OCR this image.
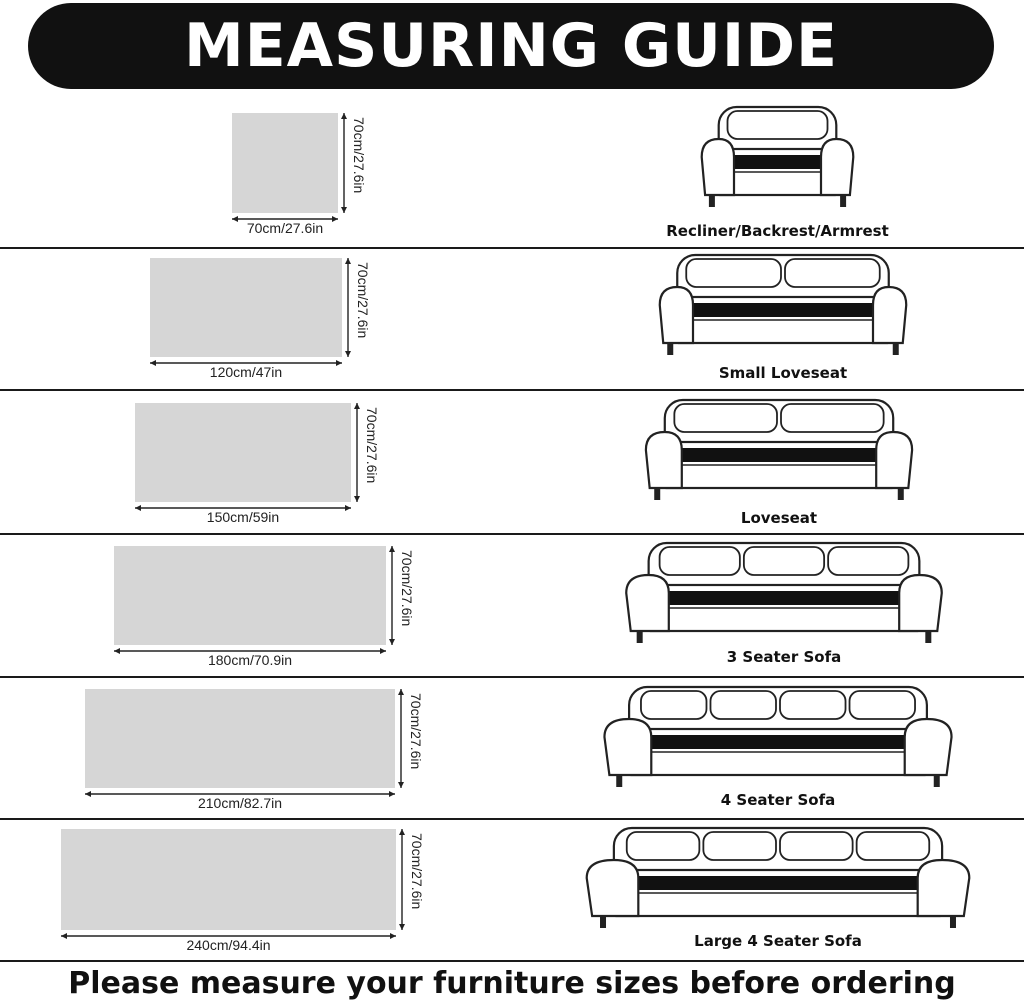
MEASURING GUIDE
70cm/27.6in
70cm/27.6in
Recliner/Backrest/Armrest
120cm/47in
70cm/27.6in
Small Loveseat
150cm/59in
70cm/27.6in
Loveseat
180cm/70.9in
70cm/27.6in
3 Seater Sofa
210cm/82.7in
70cm/27.6in
4 Seater Sofa
240cm/94.4in
70cm/27.6in
Large 4 Seater Sofa
Please measure your furniture sizes before ordering
